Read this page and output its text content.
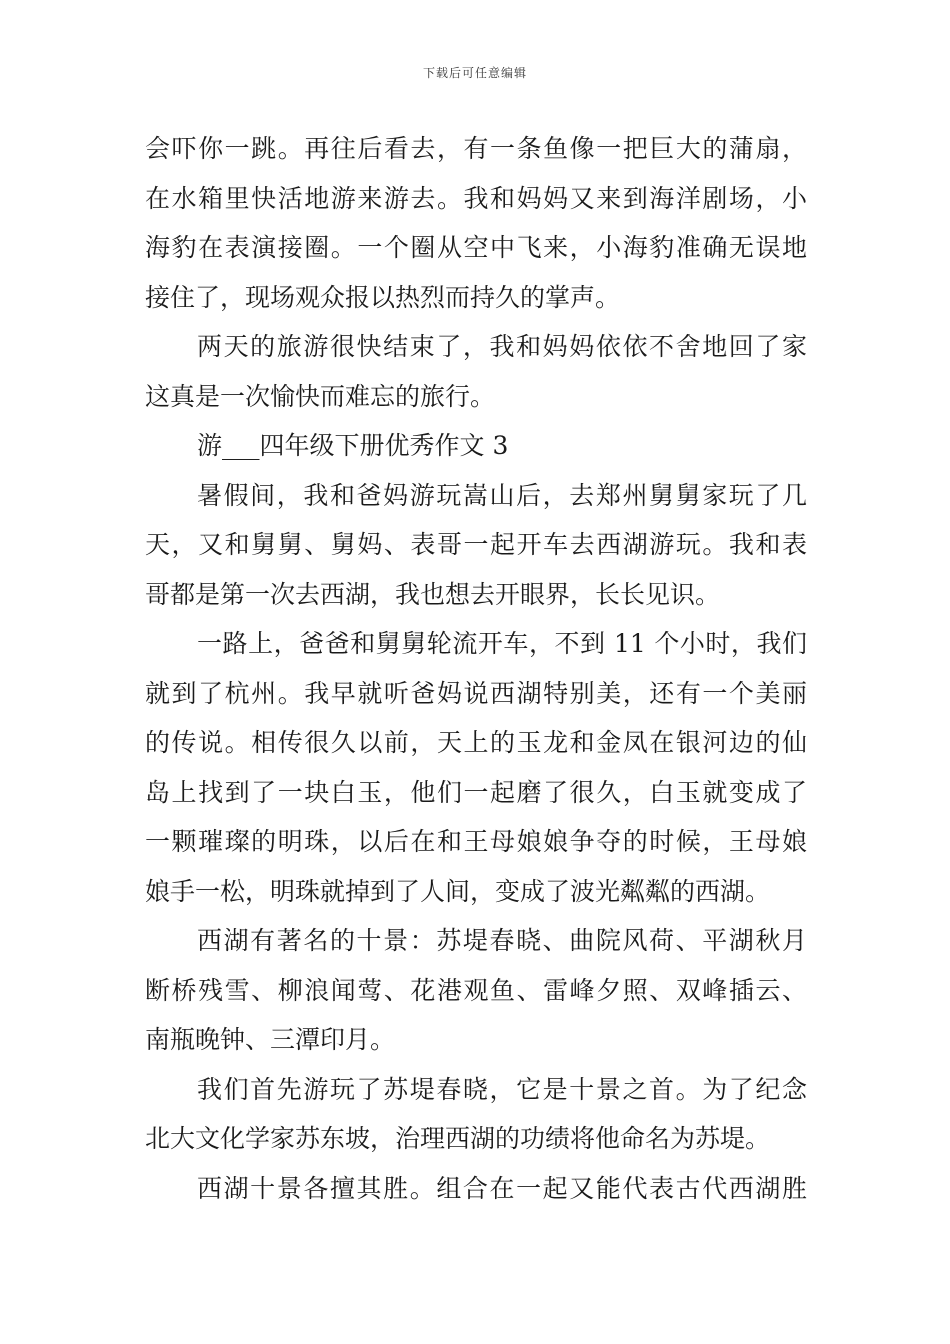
下载后可任意编辑
会吓你一跳。再往后看去，有一条鱼像一把巨大的蒲扇，
在水箱里快活地游来游去。我和妈妈又来到海洋剧场，小
海豹在表演接圈。一个圈从空中飞来，小海豹准确无误地
接住了，现场观众报以热烈而持久的掌声。
两天的旅游很快结束了，我和妈妈依依不舍地回了家
这真是一次愉快而难忘的旅行。
游___四年级下册优秀作文 3
暑假间，我和爸妈游玩嵩山后，去郑州舅舅家玩了几
天，又和舅舅、舅妈、表哥一起开车去西湖游玩。我和表
哥都是第一次去西湖，我也想去开眼界，长长见识。
一路上，爸爸和舅舅轮流开车，不到 11 个小时，我们
就到了杭州。我早就听爸妈说西湖特别美，还有一个美丽
的传说。相传很久以前，天上的玉龙和金凤在银河边的仙
岛上找到了一块白玉，他们一起磨了很久，白玉就变成了
一颗璀璨的明珠，以后在和王母娘娘争夺的时候，王母娘
娘手一松，明珠就掉到了人间，变成了波光粼粼的西湖。
西湖有著名的十景：苏堤春晓、曲院风荷、平湖秋月
断桥残雪、柳浪闻莺、花港观鱼、雷峰夕照、双峰插云、
南瓶晚钟、三潭印月。
我们首先游玩了苏堤春晓，它是十景之首。为了纪念
北大文化学家苏东坡，治理西湖的功绩将他命名为苏堤。
西湖十景各擅其胜。组合在一起又能代表古代西湖胜
